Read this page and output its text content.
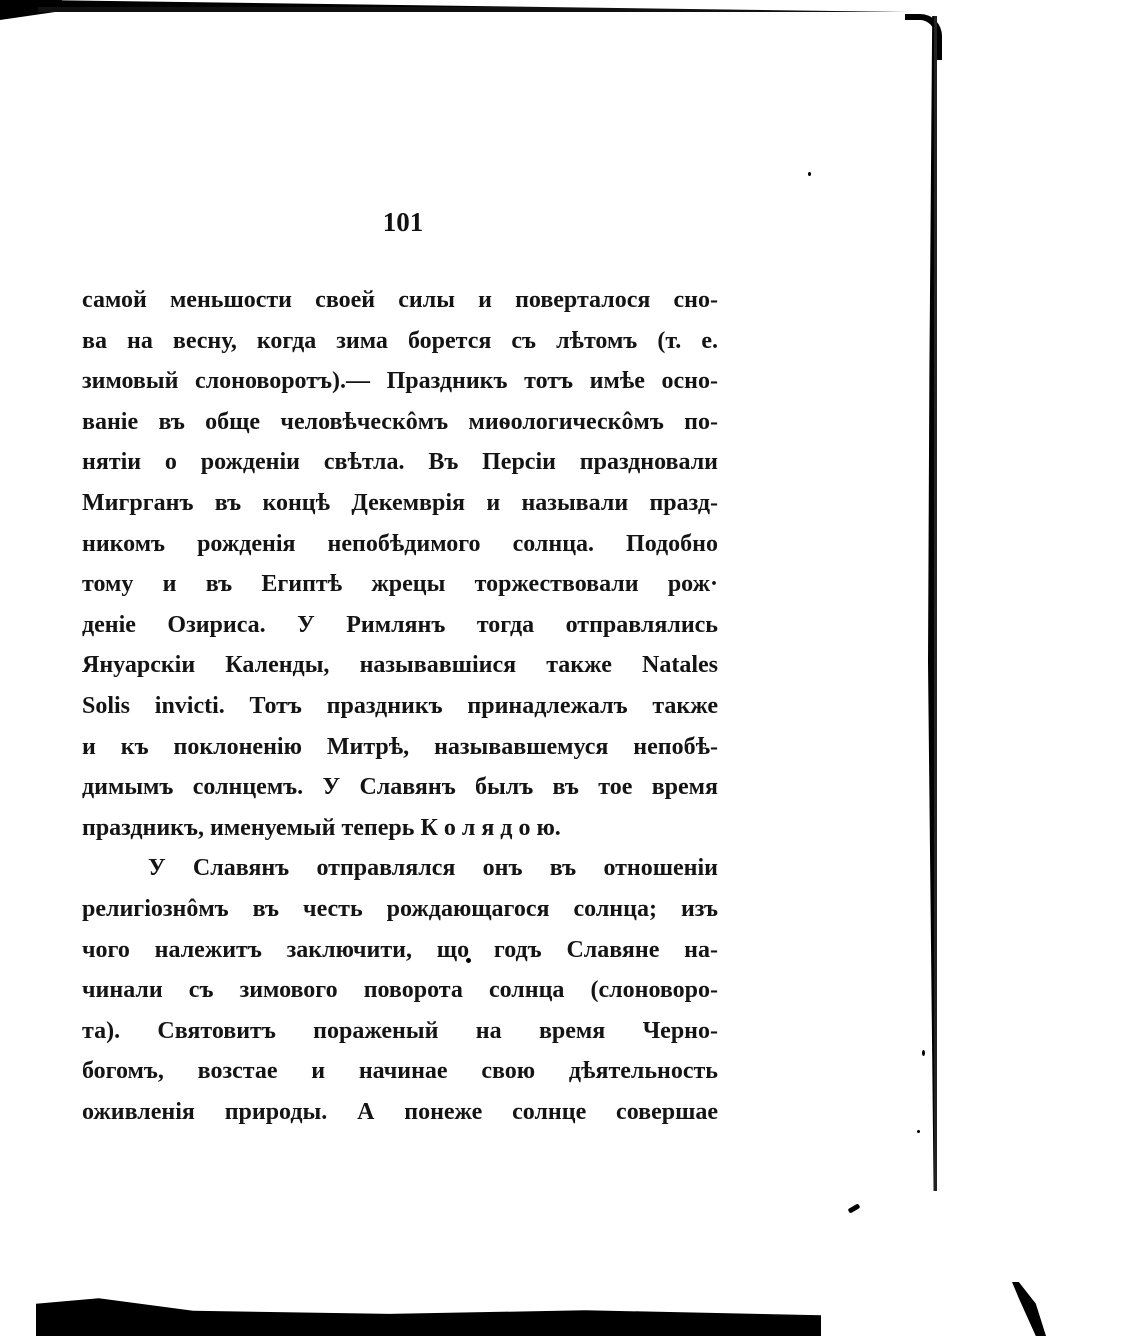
101
самой меньшости своей силы и поверталося сно-
ва на весну, когда зима борется съ лѣтомъ (т. е.
зимовый слоноворотъ).— Праздникъ тотъ имѣе осно-
ваніе въ обще человѣческôмъ миѳологическôмъ по-
нятіи о рожденіи свѣтла. Въ Персіи праздновали
Мигрганъ въ концѣ Декемврія и называли празд-
никомъ рожденія непобѣдимого солнца. Подобно
тому и въ Египтѣ жрецы торжествовали рож·
деніе Озириса. У Римлянъ тогда отправлялись
Януарскіи Календы, называвшіися также Natales
Solis invicti. Тотъ праздникъ принадлежалъ также
и къ поклоненію Митрѣ, называвшемуся непобѣ-
димымъ солнцемъ. У Славянъ былъ въ тое время
праздникъ, именуемый теперь К о л я д о ю.
У Славянъ отправлялся онъ въ отношеніи
религіознôмъ въ честь рождающагося солнца; изъ
чого належитъ заключити, що годъ Славяне на-
чинали съ зимового поворота солнца (слоноворо-
та). Святовитъ пораженый на время Черно-
богомъ, возстае и начинае свою дѣятельность
оживленія природы. А понеже солнце совершае
